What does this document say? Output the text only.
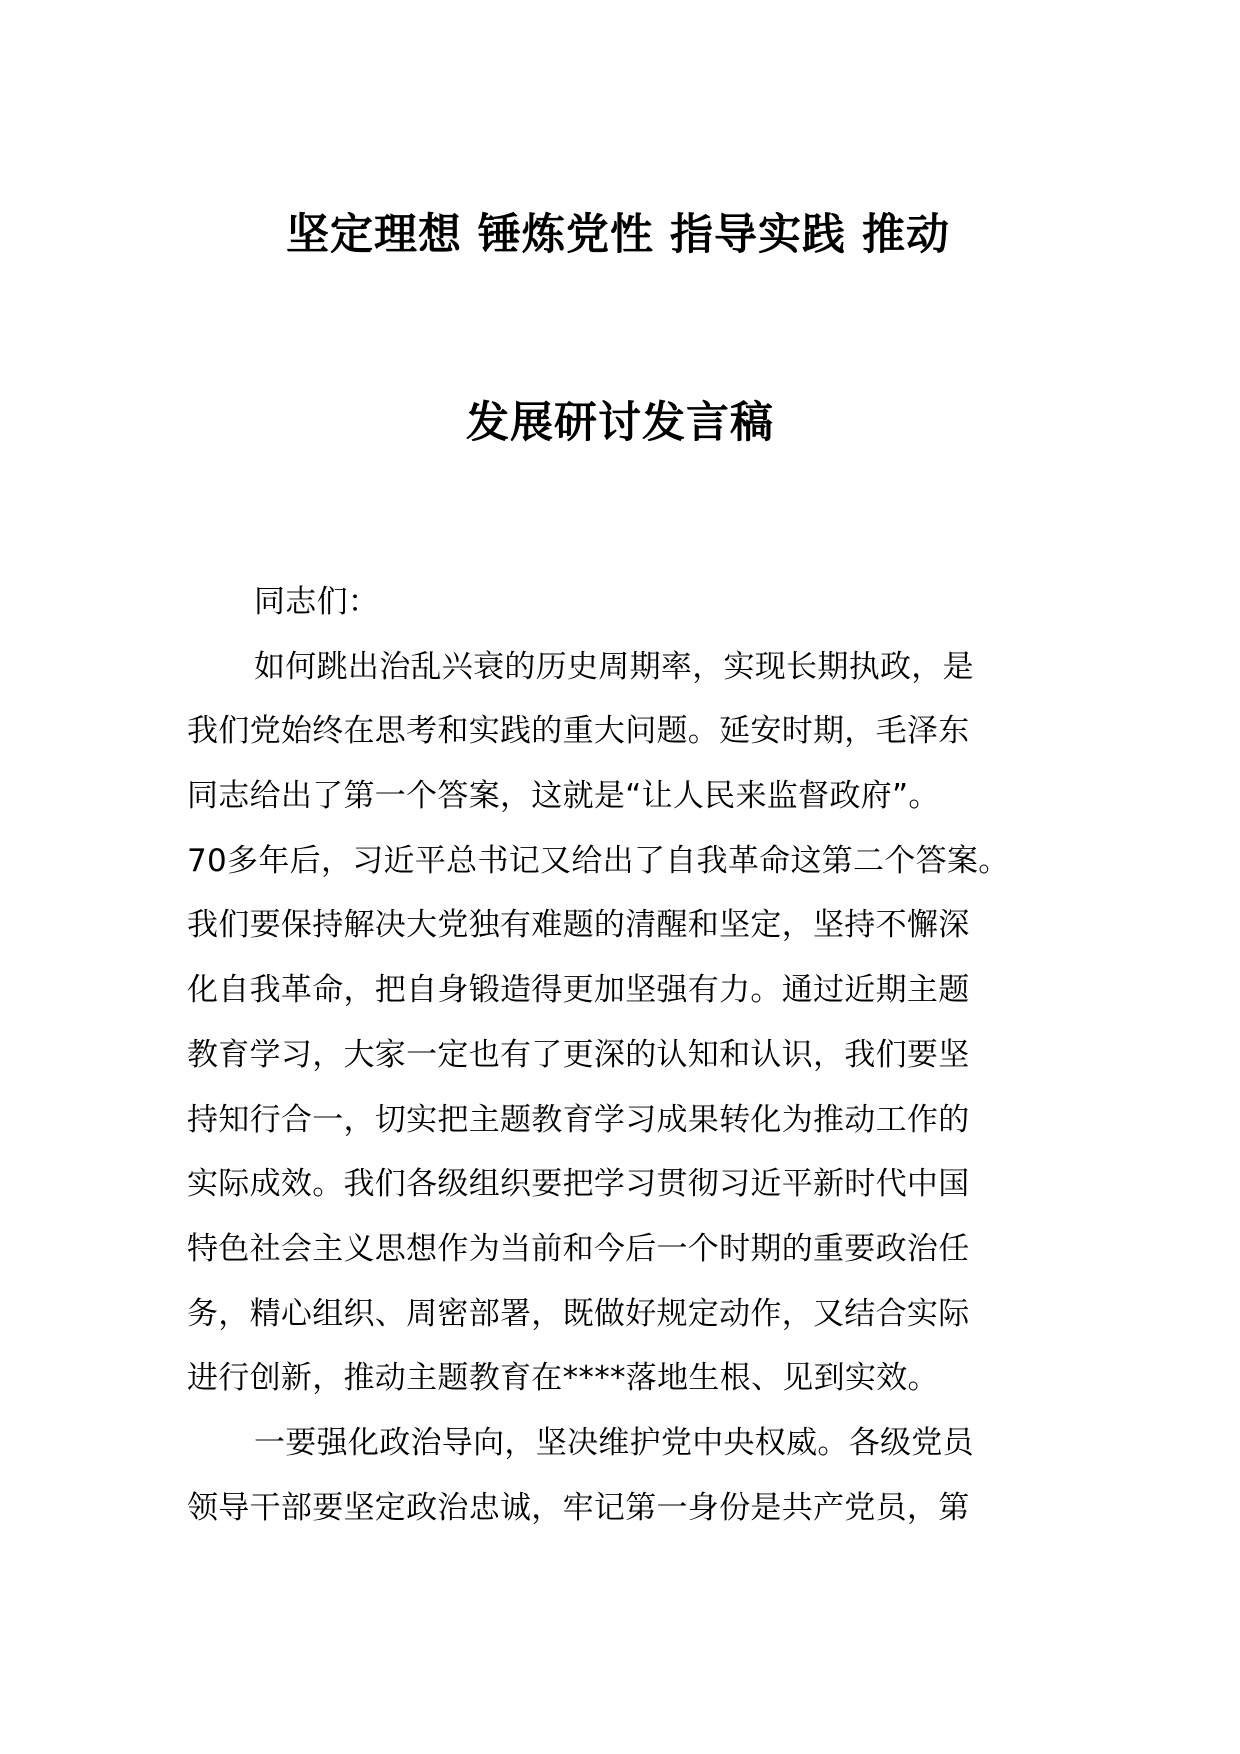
坚定理想 锤炼党性 指导实践 推动
发展研讨发言稿
同志们：
如何跳出治乱兴衰的历史周期率，实现长期执政，是
我们党始终在思考和实践的重大问题。延安时期，毛泽东
同志给出了第一个答案，这就是“让人民来监督政府”。
70多年后，习近平总书记又给出了自我革命这第二个答案。
我们要保持解决大党独有难题的清醒和坚定，坚持不懈深
化自我革命，把自身锻造得更加坚强有力。通过近期主题
教育学习，大家一定也有了更深的认知和认识，我们要坚
持知行合一，切实把主题教育学习成果转化为推动工作的
实际成效。我们各级组织要把学习贯彻习近平新时代中国
特色社会主义思想作为当前和今后一个时期的重要政治任
务，精心组织、周密部署，既做好规定动作，又结合实际
进行创新，推动主题教育在****落地生根、见到实效。
一要强化政治导向，坚决维护党中央权威。各级党员
领导干部要坚定政治忠诚，牢记第一身份是共产党员，第
